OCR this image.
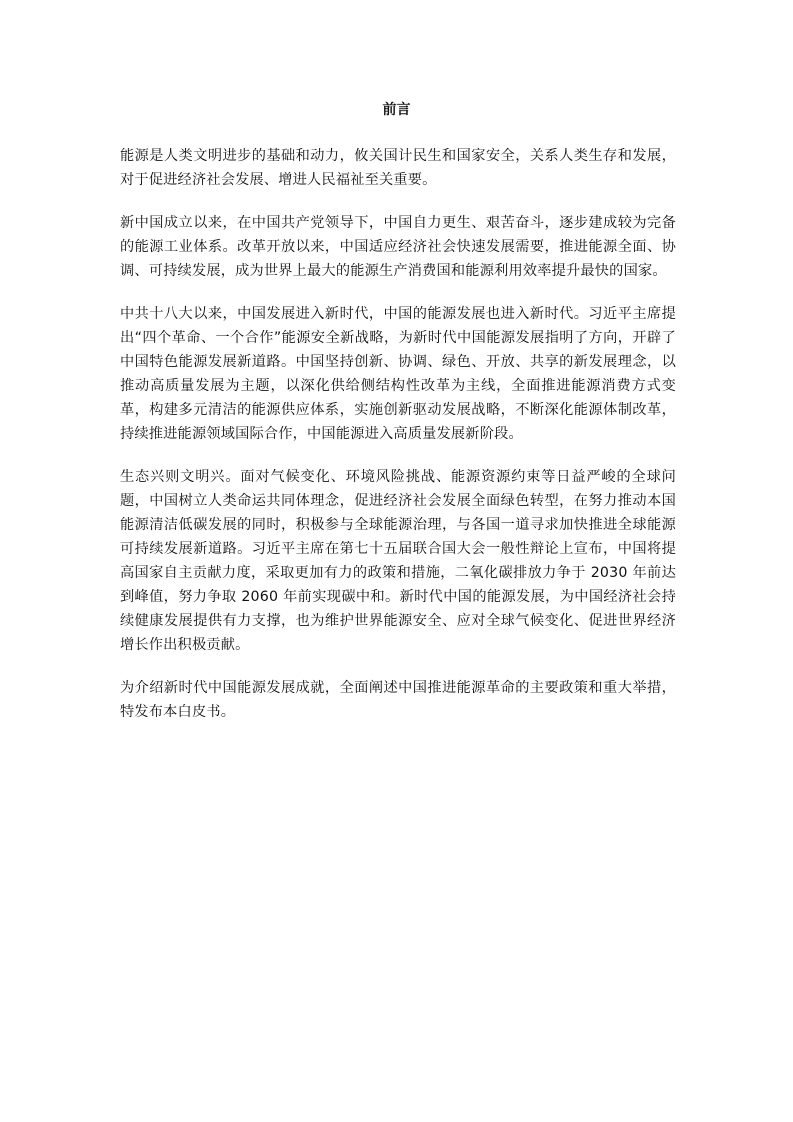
前言

能源是人类文明进步的基础和动力，攸关国计民生和国家安全，关系人类生存和发展，对于促进经济社会发展、增进人民福祉至关重要。

新中国成立以来，在中国共产党领导下，中国自力更生、艰苦奋斗，逐步建成较为完备的能源工业体系。改革开放以来，中国适应经济社会快速发展需要，推进能源全面、协调、可持续发展，成为世界上最大的能源生产消费国和能源利用效率提升最快的国家。

中共十八大以来，中国发展进入新时代，中国的能源发展也进入新时代。习近平主席提出“四个革命、一个合作”能源安全新战略，为新时代中国能源发展指明了方向，开辟了中国特色能源发展新道路。中国坚持创新、协调、绿色、开放、共享的新发展理念，以推动高质量发展为主题，以深化供给侧结构性改革为主线，全面推进能源消费方式变革，构建多元清洁的能源供应体系，实施创新驱动发展战略，不断深化能源体制改革，持续推进能源领域国际合作，中国能源进入高质量发展新阶段。

生态兴则文明兴。面对气候变化、环境风险挑战、能源资源约束等日益严峻的全球问题，中国树立人类命运共同体理念，促进经济社会发展全面绿色转型，在努力推动本国能源清洁低碳发展的同时，积极参与全球能源治理，与各国一道寻求加快推进全球能源可持续发展新道路。习近平主席在第七十五届联合国大会一般性辩论上宣布，中国将提高国家自主贡献力度，采取更加有力的政策和措施，二氧化碳排放力争于 2030 年前达到峰值，努力争取 2060 年前实现碳中和。新时代中国的能源发展，为中国经济社会持续健康发展提供有力支撑，也为维护世界能源安全、应对全球气候变化、促进世界经济增长作出积极贡献。

为介绍新时代中国能源发展成就，全面阐述中国推进能源革命的主要政策和重大举措，特发布本白皮书。
